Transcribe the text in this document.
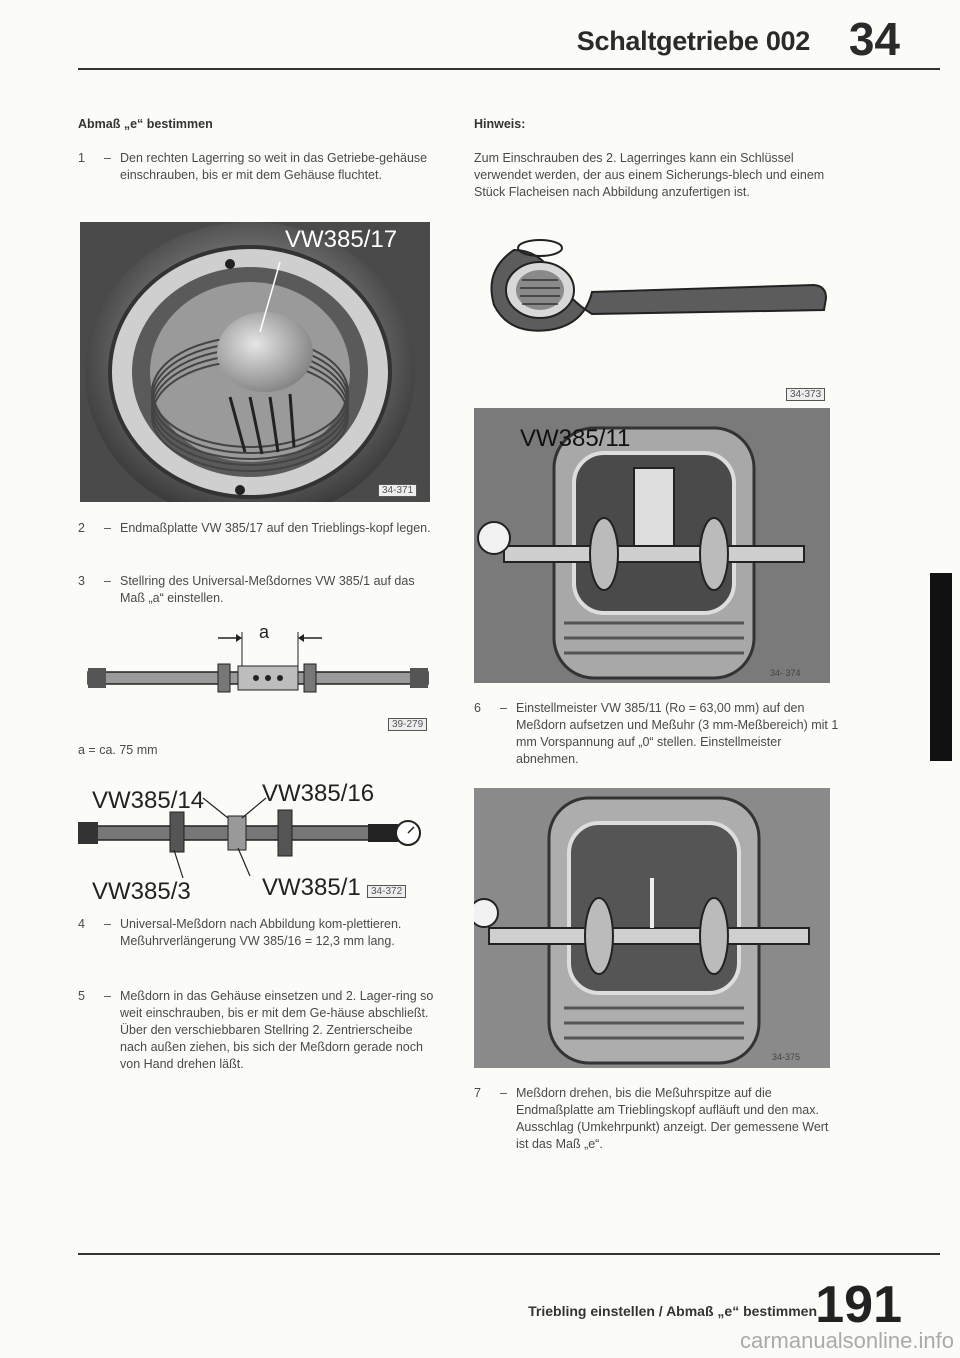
Schaltgetriebe 002 34
Abmaß „e“ bestimmen
1	– Den rechten Lagerring so weit in das Getriebe-gehäuse einschrauben, bis er mit dem Gehäuse fluchtet.
VW385/17
34-371
2	– Endmaßplatte VW 385/17 auf den Trieblings-kopf legen.
3	– Stellring des Universal-Meßdornes VW 385/1 auf das Maß „a“ einstellen.
a
39-279
a = ca. 75 mm
VW385/14 VW385/16
VW385/3	VW385/1	34-372
4	– Universal-Meßdorn nach Abbildung kom-plettieren. Meßuhrverlängerung VW 385/16 = 12,3 mm lang.
5	– Meßdorn in das Gehäuse einsetzen und 2. Lager-ring so weit einschrauben, bis er mit dem Ge-häuse abschließt. Über den verschiebbaren Stellring 2. Zentrierscheibe nach außen ziehen, bis sich der Meßdorn gerade noch von Hand drehen läßt.
Hinweis:
Zum Einschrauben des 2. Lagerringes kann ein Schlüssel verwendet werden, der aus einem Sicherungs-blech und einem Stück Flacheisen nach Abbildung anzufertigen ist.
34-373
VW385/11
34- 374
6	– Einstellmeister VW 385/11 (Ro = 63,00 mm) auf den Meßdorn aufsetzen und Meßuhr (3 mm-Meßbereich) mit 1 mm Vorspannung auf „0“ stellen. Einstellmeister abnehmen.
34-375
7	– Meßdorn drehen, bis die Meßuhrspitze auf die Endmaßplatte am Trieblingskopf aufläuft und den max. Ausschlag (Umkehrpunkt) anzeigt. Der gemessene Wert ist das Maß „e“.
Triebling einstellen / Abmaß „e“ bestimmen
191
carmanualsonline.info
